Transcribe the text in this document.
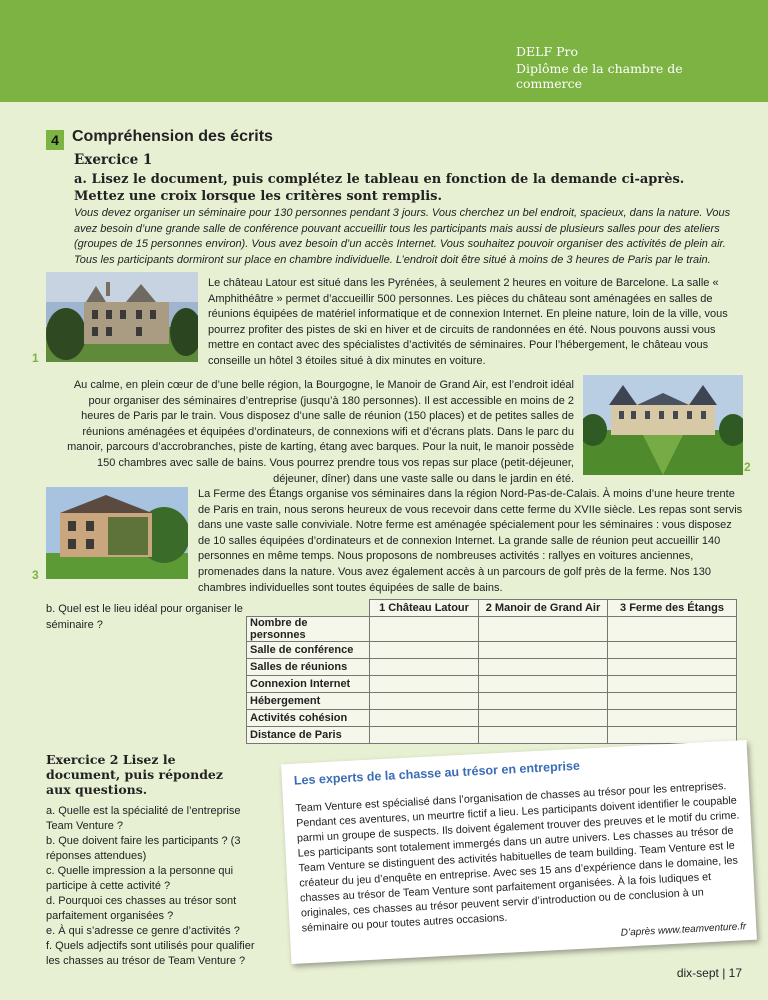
DELF Pro
Diplôme de la chambre de commerce
4 Compréhension des écrits
Exercice 1
a. Lisez le document, puis complétez le tableau en fonction de la demande ci-après. Mettez une croix lorsque les critères sont remplis.
Vous devez organiser un séminaire pour 130 personnes pendant 3 jours. Vous cherchez un bel endroit, spacieux, dans la nature. Vous avez besoin d’une grande salle de conférence pouvant accueillir tous les participants mais aussi de plusieurs salles pour des ateliers (groupes de 15 personnes environ). Vous avez besoin d’un accès Internet. Vous souhaitez pouvoir organiser des activités de plein air. Tous les participants dormiront sur place en chambre individuelle. L’endroit doit être situé à moins de 3 heures de Paris par le train.
1
Le château Latour est situé dans les Pyrénées, à seulement 2 heures en voiture de Barcelone. La salle « Amphithéâtre » permet d’accueillir 500 personnes. Les pièces du château sont aménagées en salles de réunions équipées de matériel informatique et de connexion Internet. En pleine nature, loin de la ville, vous pourrez profiter des pistes de ski en hiver et de circuits de randonnées en été. Nous pouvons aussi vous mettre en contact avec des spécialistes d’activités de séminaires. Pour l’hébergement, le château vous conseille un hôtel 3 étoiles situé à dix minutes en voiture.
2
Au calme, en plein cœur de d’une belle région, la Bourgogne, le Manoir de Grand Air, est l’endroit idéal pour organiser des séminaires d’entreprise (jusqu’à 180 personnes). Il est accessible en moins de 2 heures de Paris par le train. Vous disposez d’une salle de réunion (150 places) et de petites salles de réunions aménagées et équipées d’ordinateurs, de connexions wifi et d’écrans plats. Dans le parc du manoir, parcours d’accrobranches, piste de karting, étang avec barques. Pour la nuit, le manoir possède 150 chambres avec salle de bains. Vous pourrez prendre tous vos repas sur place (petit-déjeuner, déjeuner, dîner) dans une vaste salle ou dans le jardin en été.
3
La Ferme des Étangs organise vos séminaires dans la région Nord-Pas-de-Calais. À moins d’une heure trente de Paris en train, nous serons heureux de vous recevoir dans cette ferme du XVIIe siècle. Les repas sont servis dans une vaste salle conviviale. Notre ferme est aménagée spécialement pour les séminaires : vous disposez de 10 salles équipées d’ordinateurs et de connexion Internet. La grande salle de réunion peut accueillir 140 personnes en même temps. Nous proposons de nombreuses activités : rallyes en voitures anciennes, promenades dans la nature. Vous avez également accès à un parcours de golf près de la ferme. Nos 130 chambres individuelles sont toutes équipées de salle de bains.
b. Quel est le lieu idéal pour organiser le séminaire ?
	1 Château Latour	2 Manoir de Grand Air	3 Ferme des Étangs
Nombre de personnes			
Salle de conférence			
Salles de réunions			
Connexion Internet			
Hébergement			
Activités cohésion			
Distance de Paris			
Exercice 2 Lisez le document, puis répondez aux questions.
a. Quelle est la spécialité de l’entreprise Team Venture ?
b. Que doivent faire les participants ? (3 réponses attendues)
c. Quelle impression a la personne qui participe à cette activité ?
d. Pourquoi ces chasses au trésor sont parfaitement organisées ?
e. À qui s’adresse ce genre d’activités ?
f. Quels adjectifs sont utilisés pour qualifier les chasses au trésor de Team Venture ?
Les experts de la chasse au trésor en entreprise
Team Venture est spécialisé dans l’organisation de chasses au trésor pour les entreprises. Pendant ces aventures, un meurtre fictif a lieu. Les participants doivent identifier le coupable parmi un groupe de suspects. Ils doivent également trouver des preuves et le motif du crime. Les participants sont totalement immergés dans un autre univers. Les chasses au trésor de Team Venture se distinguent des activités habituelles de team building. Team Venture est le créateur du jeu d’enquête en entreprise. Avec ses 15 ans d’expérience dans le domaine, les chasses au trésor de Team Venture sont parfaitement organisées. À la fois ludiques et originales, ces chasses au trésor peuvent servir d’introduction ou de conclusion à un séminaire ou pour toutes autres occasions.	D’après www.teamventure.fr
dix-sept | 17
